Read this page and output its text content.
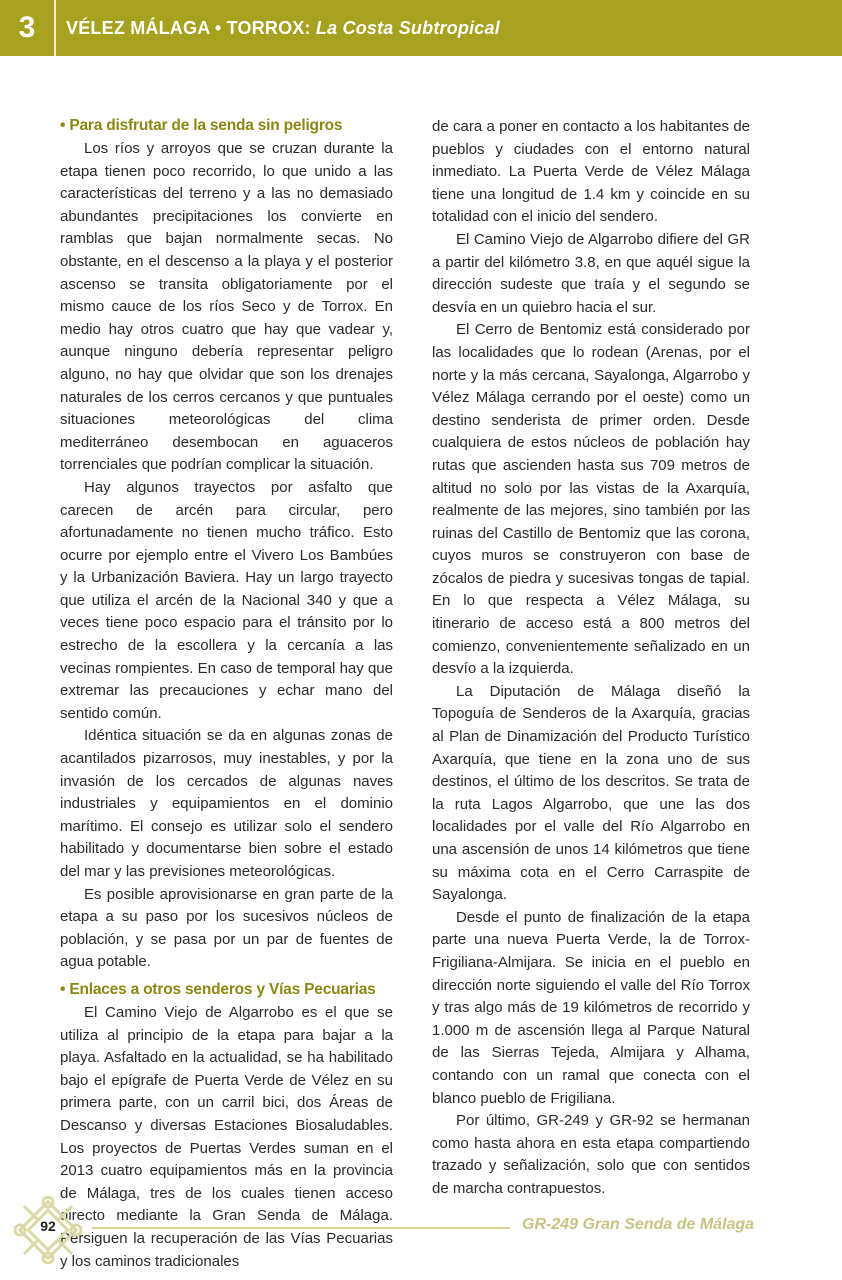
3	VÉLEZ MÁLAGA • TORROX: La Costa Subtropical
• Para disfrutar de la senda sin peligros

Los ríos y arroyos que se cruzan durante la etapa tienen poco recorrido, lo que unido a las características del terreno y a las no demasiado abundantes precipitaciones los convierte en ramblas que bajan normalmente secas. No obstante, en el descenso a la playa y el posterior ascenso se transita obligatoriamente por el mismo cauce de los ríos Seco y de Torrox. En medio hay otros cuatro que hay que vadear y, aunque ninguno debería representar peligro alguno, no hay que olvidar que son los drenajes naturales de los cerros cercanos y que puntuales situaciones meteorológicas del clima mediterráneo desembocan en aguaceros torrenciales que podrían complicar la situación.

Hay algunos trayectos por asfalto que carecen de arcén para circular, pero afortunadamente no tienen mucho tráfico. Esto ocurre por ejemplo entre el Vivero Los Bambúes y la Urbanización Baviera. Hay un largo trayecto que utiliza el arcén de la Nacional 340 y que a veces tiene poco espacio para el tránsito por lo estrecho de la escollera y la cercanía a las vecinas rompientes. En caso de temporal hay que extremar las precauciones y echar mano del sentido común.

Idéntica situación se da en algunas zonas de acantilados pizarrosos, muy inestables, y por la invasión de los cercados de algunas naves industriales y equipamientos en el dominio marítimo. El consejo es utilizar solo el sendero habilitado y documentarse bien sobre el estado del mar y las previsiones meteorológicas.

Es posible aprovisionarse en gran parte de la etapa a su paso por los sucesivos núcleos de población, y se pasa por un par de fuentes de agua potable.

• Enlaces a otros senderos y Vías Pecuarias

El Camino Viejo de Algarrobo es el que se utiliza al principio de la etapa para bajar a la playa. Asfaltado en la actualidad, se ha habilitado bajo el epígrafe de Puerta Verde de Vélez en su primera parte, con un carril bici, dos Áreas de Descanso y diversas Estaciones Biosaludables. Los proyectos de Puertas Verdes suman en el 2013 cuatro equipamientos más en la provincia de Málaga, tres de los cuales tienen acceso directo mediante la Gran Senda de Málaga. Persiguen la recuperación de las Vías Pecuarias y los caminos tradicionales

de cara a poner en contacto a los habitantes de pueblos y ciudades con el entorno natural inmediato. La Puerta Verde de Vélez Málaga tiene una longitud de 1.4 km y coincide en su totalidad con el inicio del sendero.

El Camino Viejo de Algarrobo difiere del GR a partir del kilómetro 3.8, en que aquél sigue la dirección sudeste que traía y el segundo se desvía en un quiebro hacia el sur.

El Cerro de Bentomiz está considerado por las localidades que lo rodean (Arenas, por el norte y la más cercana, Sayalonga, Algarrobo y Vélez Málaga cerrando por el oeste) como un destino senderista de primer orden. Desde cualquiera de estos núcleos de población hay rutas que ascienden hasta sus 709 metros de altitud no solo por las vistas de la Axarquía, realmente de las mejores, sino también por las ruinas del Castillo de Bentomiz que las corona, cuyos muros se construyeron con base de zócalos de piedra y sucesivas tongas de tapial. En lo que respecta a Vélez Málaga, su itinerario de acceso está a 800 metros del comienzo, convenientemente señalizado en un desvío a la izquierda.

La Diputación de Málaga diseñó la Topoguía de Senderos de la Axarquía, gracias al Plan de Dinamización del Producto Turístico Axarquía, que tiene en la zona uno de sus destinos, el último de los descritos. Se trata de la ruta Lagos Algarrobo, que une las dos localidades por el valle del Río Algarrobo en una ascensión de unos 14 kilómetros que tiene su máxima cota en el Cerro Carraspite de Sayalonga.

Desde el punto de finalización de la etapa parte una nueva Puerta Verde, la de Torrox-Frigiliana-Almijara. Se inicia en el pueblo en dirección norte siguiendo el valle del Río Torrox y tras algo más de 19 kilómetros de recorrido y 1.000 m de ascensión llega al Parque Natural de las Sierras Tejeda, Almijara y Alhama, contando con un ramal que conecta con el blanco pueblo de Frigiliana.

Por último, GR-249 y GR-92 se hermanan como hasta ahora en esta etapa compartiendo trazado y señalización, solo que con sentidos de marcha contrapuestos.

92	GR-249 Gran Senda de Málaga
